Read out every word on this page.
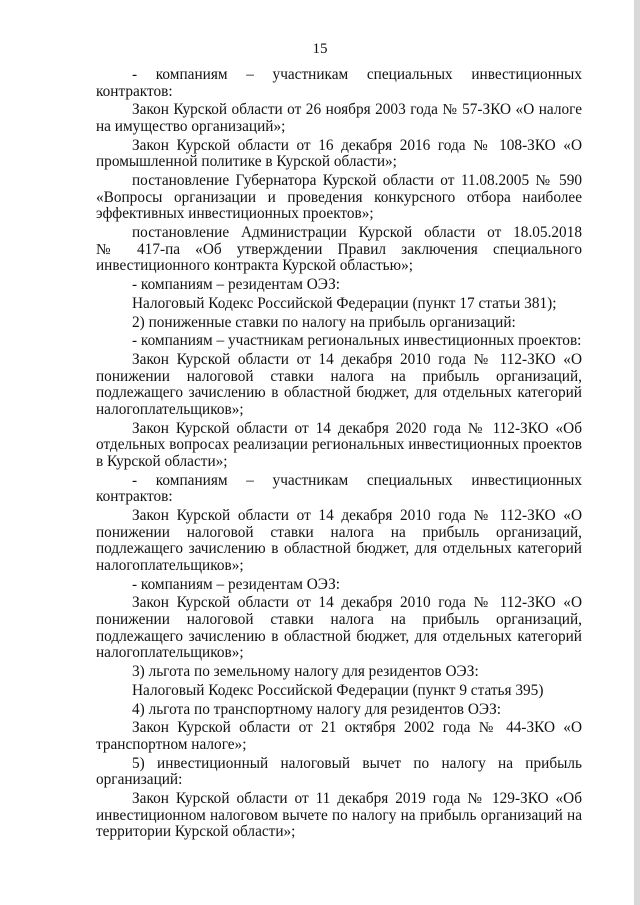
15
- компаниям – участникам специальных инвестиционных
контрактов:
Закон Курской области от 26 ноября 2003 года № 57-ЗКО «О налоге
на имущество организаций»;
Закон Курской области от 16 декабря 2016 года № 108-ЗКО «О
промышленной политике в Курской области»;
постановление Губернатора Курской области от 11.08.2005 № 590
«Вопросы организации и проведения конкурсного отбора наиболее
эффективных инвестиционных проектов»;
постановление Администрации Курской области от 18.05.2018
№ 417-па «Об утверждении Правил заключения специального
инвестиционного контракта Курской областью»;
- компаниям – резидентам ОЭЗ:
Налоговый Кодекс Российской Федерации (пункт 17 статьи 381);
2) пониженные ставки по налогу на прибыль организаций:
- компаниям – участникам региональных инвестиционных проектов:
Закон Курской области от 14 декабря 2010 года № 112-ЗКО «О
понижении налоговой ставки налога на прибыль организаций,
подлежащего зачислению в областной бюджет, для отдельных категорий
налогоплательщиков»;
Закон Курской области от 14 декабря 2020 года № 112-ЗКО «Об
отдельных вопросах реализации региональных инвестиционных проектов
в Курской области»;
- компаниям – участникам специальных инвестиционных
контрактов:
Закон Курской области от 14 декабря 2010 года № 112-ЗКО «О
понижении налоговой ставки налога на прибыль организаций,
подлежащего зачислению в областной бюджет, для отдельных категорий
налогоплательщиков»;
- компаниям – резидентам ОЭЗ:
Закон Курской области от 14 декабря 2010 года № 112-ЗКО «О
понижении налоговой ставки налога на прибыль организаций,
подлежащего зачислению в областной бюджет, для отдельных категорий
налогоплательщиков»;
3) льгота по земельному налогу для резидентов ОЭЗ:
Налоговый Кодекс Российской Федерации (пункт 9 статья 395)
4) льгота по транспортному налогу для резидентов ОЭЗ:
Закон Курской области от 21 октября 2002 года № 44-ЗКО «О
транспортном налоге»;
5) инвестиционный налоговый вычет по налогу на прибыль
организаций:
Закон Курской области от 11 декабря 2019 года № 129-ЗКО «Об
инвестиционном налоговом вычете по налогу на прибыль организаций на
территории Курской области»;
